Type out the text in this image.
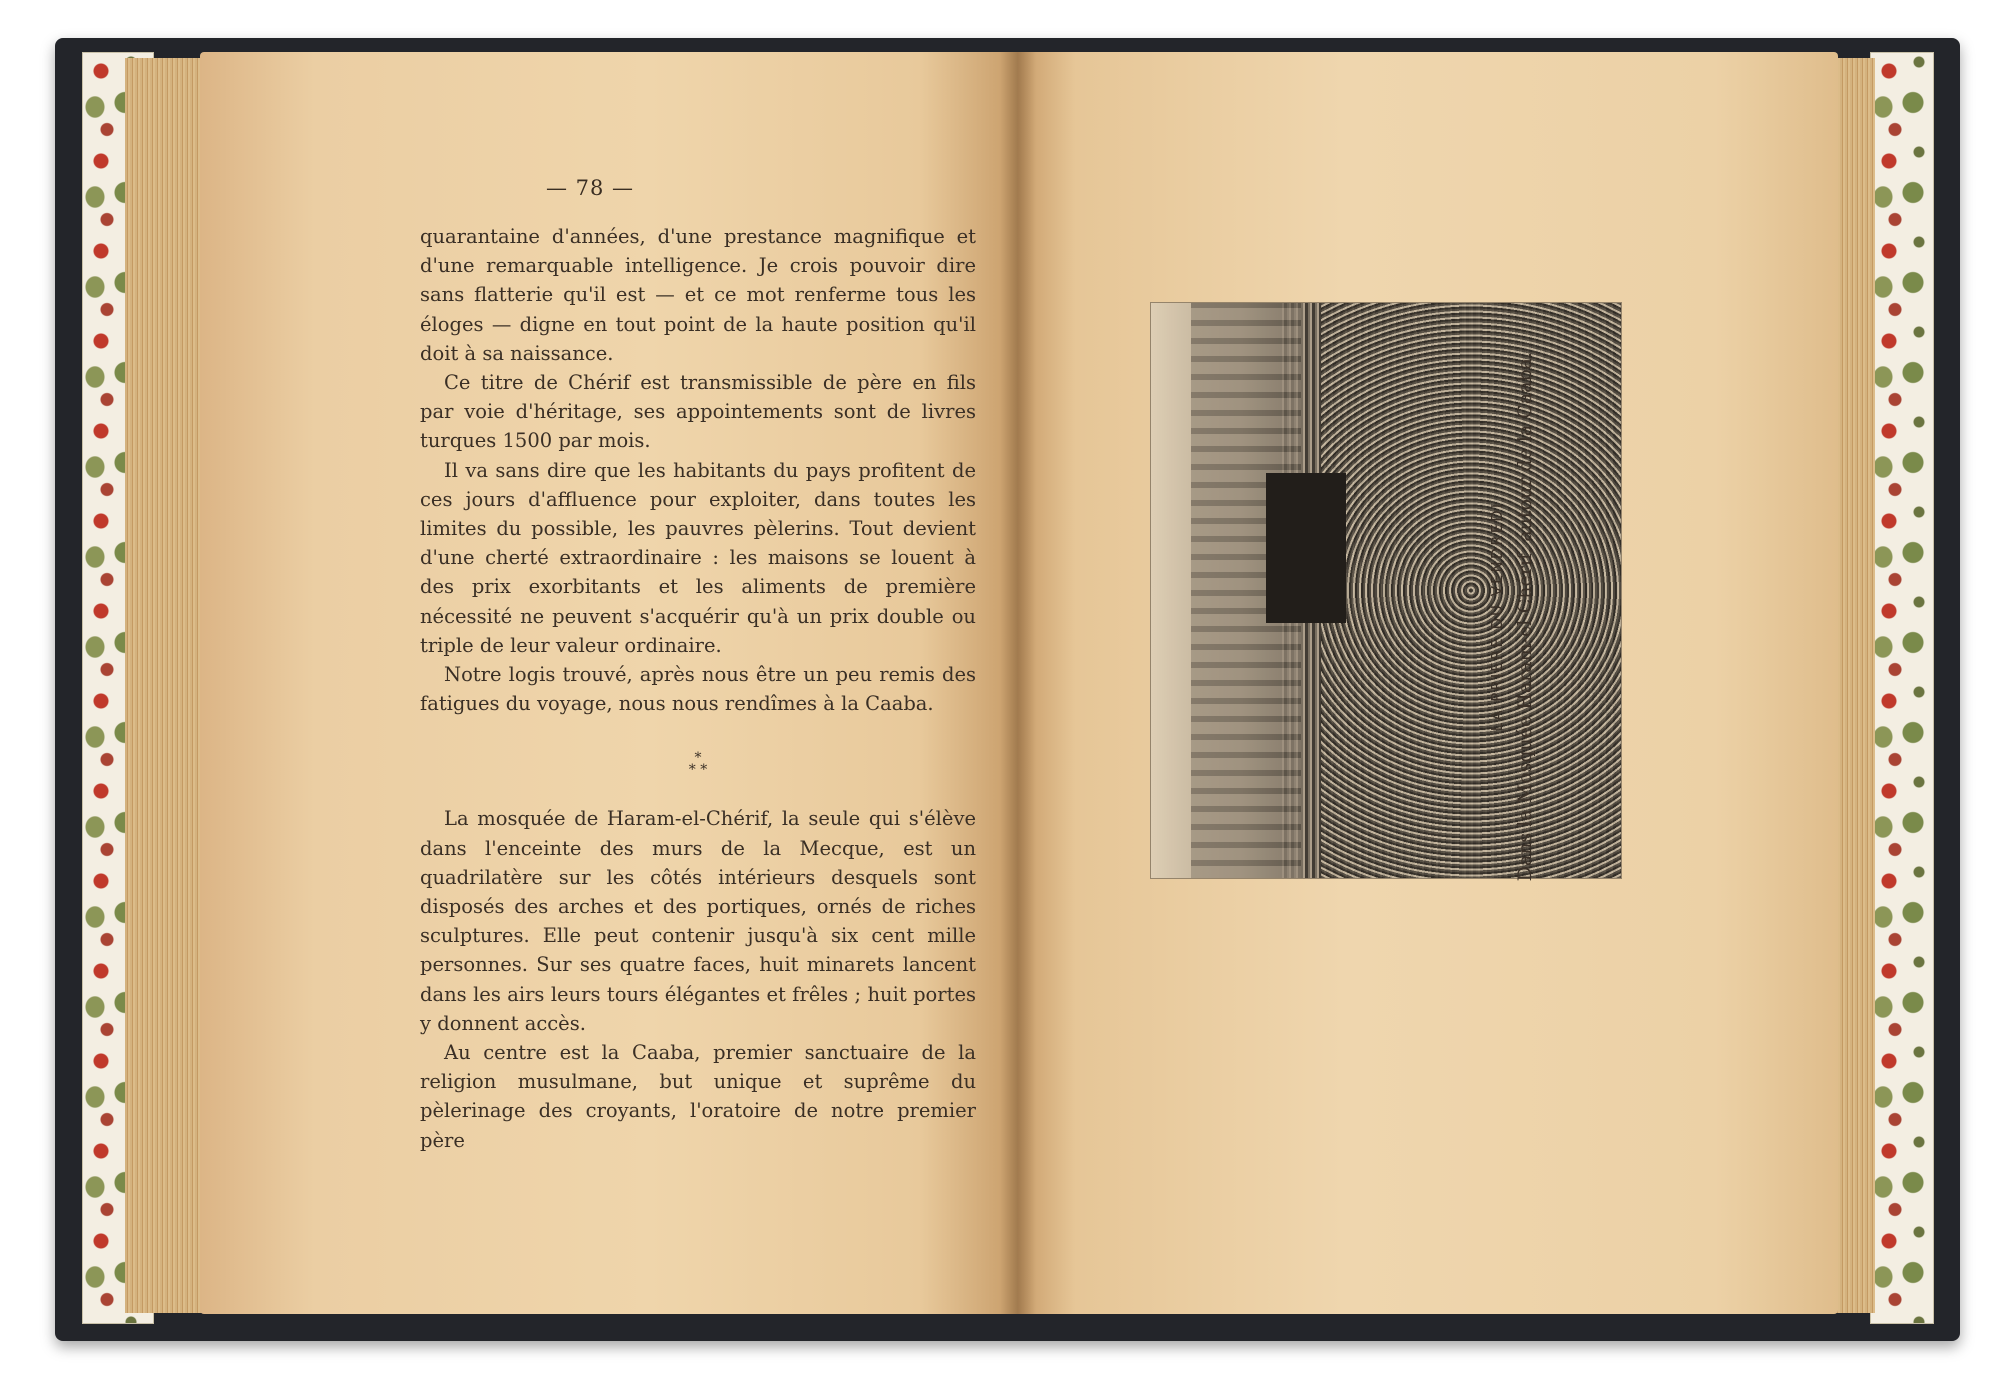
— 78 —

quarantaine d'années, d'une prestance magnifique et d'une remarquable intelligence. Je crois pouvoir dire sans flatterie qu'il est — et ce mot renferme tous les éloges — digne en tout point de la haute position qu'il doit à sa naissance.

Ce titre de Chérif est transmissible de père en fils par voie d'héritage, ses appointements sont de livres turques 1500 par mois.

Il va sans dire que les habitants du pays profitent de ces jours d'affluence pour exploiter, dans toutes les limites du possible, les pauvres pèlerins. Tout devient d'une cherté extraordinaire : les maisons se louent à des prix exorbitants et les aliments de première nécessité ne peuvent s'acquérir qu'à un prix double ou triple de leur valeur ordinaire.

Notre logis trouvé, après nous être un peu remis des fatigues du voyage, nous nous rendîmes à la Caaba.

*
* *

La mosquée de Haram-el-Chérif, la seule qui s'élève dans l'enceinte des murs de la Mecque, est un quadrilatère sur les côtés intérieurs desquels sont disposés des arches et des portiques, ornés de riches sculptures. Elle peut contenir jusqu'à six cent mille personnes. Sur ses quatre faces, huit minarets lancent dans les airs leurs tours élégantes et frêles ; huit portes y donnent accès.

Au centre est la Caaba, premier sanctuaire de la religion musulmane, but unique et suprême du pèlerinage des croyants, l'oratoire de notre premier père

LA PRIÈRE DU VENDREDI Dans la Mosquée Haram-el-Chérif, autour de la Caaba.
